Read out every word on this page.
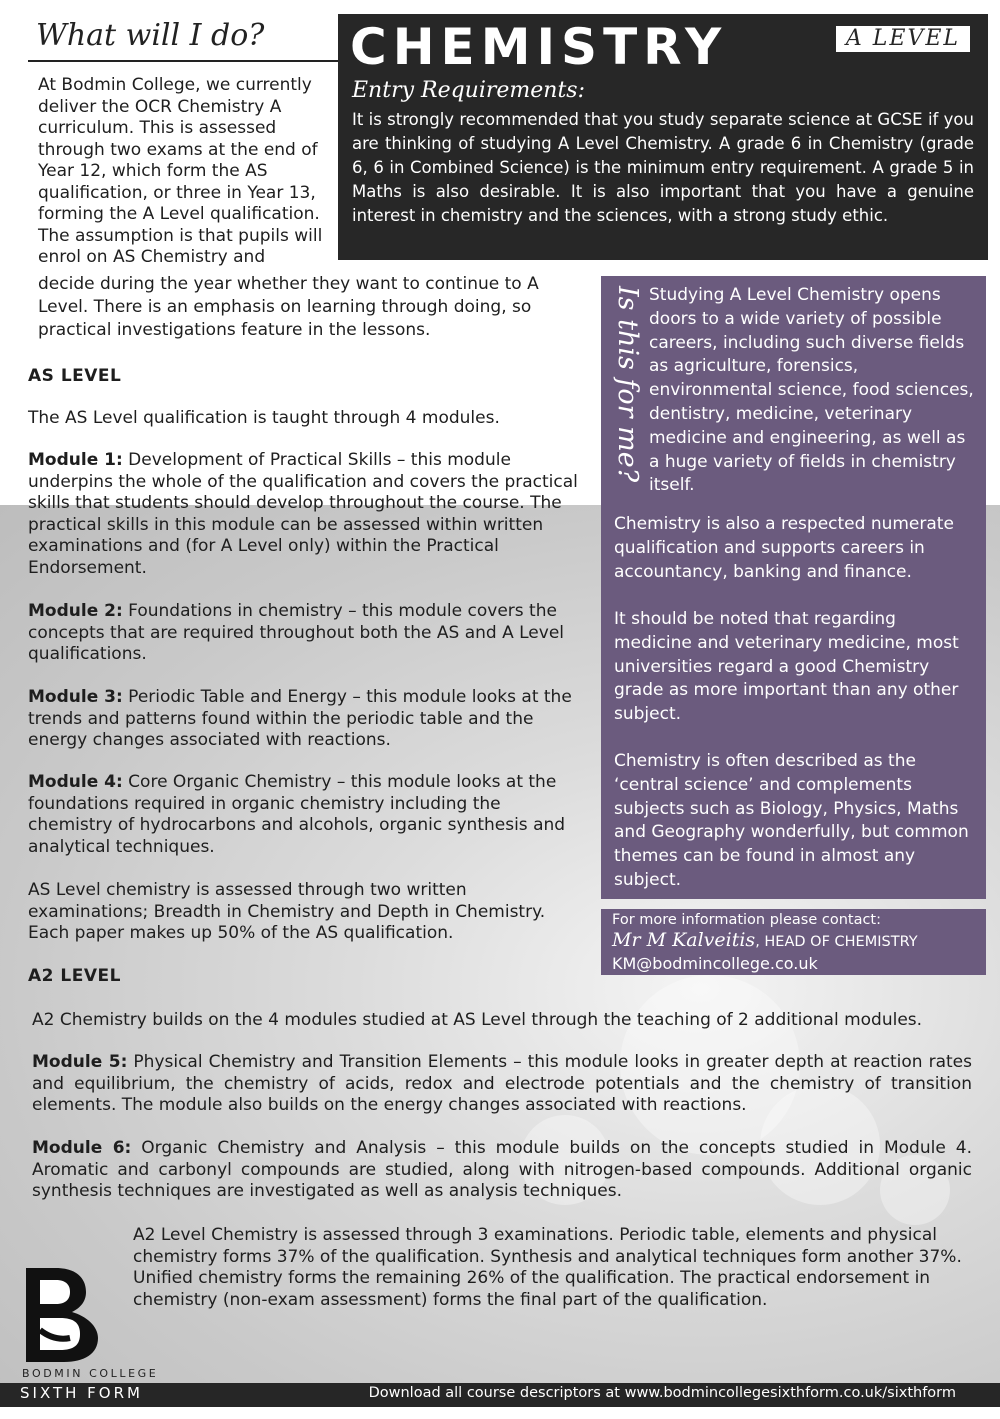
What will I do? CHEMISTRY	A LEVEL
Entry Requirements:
It is strongly recommended that you study separate science at GCSE if you are thinking of studying A Level Chemistry. A grade 6 in Chemistry (grade 6, 6 in Combined Science) is the minimum entry requirement. A grade 5 in Maths is also desirable. It is also important that you have a genuine interest in chemistry and the sciences, with a strong study ethic.
At Bodmin College, we currently deliver the OCR Chemistry A curriculum. This is assessed through two exams at the end of Year 12, which form the AS qualification, or three in Year 13, forming the A Level qualification. The assumption is that pupils will enrol on AS Chemistry and
decide during the year whether they want to continue to A Level. There is an emphasis on learning through doing, so practical investigations feature in the lessons.
AS LEVEL
The AS Level qualification is taught through 4 modules.
Module 1: Development of Practical Skills – this module underpins the whole of the qualification and covers the practical skills that students should develop throughout the course. The practical skills in this module can be assessed within written examinations and (for A Level only) within the Practical Endorsement.
Module 2: Foundations in chemistry – this module covers the concepts that are required throughout both the AS and A Level qualifications.
Module 3: Periodic Table and Energy – this module looks at the trends and patterns found within the periodic table and the energy changes associated with reactions.
Module 4: Core Organic Chemistry – this module looks at the foundations required in organic chemistry including the chemistry of hydrocarbons and alcohols, organic synthesis and analytical techniques.
AS Level chemistry is assessed through two written examinations; Breadth in Chemistry and Depth in Chemistry. Each paper makes up 50% of the AS qualification.
A2 LEVEL
A2 Chemistry builds on the 4 modules studied at AS Level through the teaching of 2 additional modules.
Module 5: Physical Chemistry and Transition Elements – this module looks in greater depth at reaction rates and equilibrium, the chemistry of acids, redox and electrode potentials and the chemistry of transition elements. The module also builds on the energy changes associated with reactions.
Module 6: Organic Chemistry and Analysis – this module builds on the concepts studied in Module 4. Aromatic and carbonyl compounds are studied, along with nitrogen-based compounds. Additional organic synthesis techniques are investigated as well as analysis techniques.
A2 Level Chemistry is assessed through 3 examinations. Periodic table, elements and physical chemistry forms 37% of the qualification. Synthesis and analytical techniques form another 37%. Unified chemistry forms the remaining 26% of the qualification. The practical endorsement in chemistry (non-exam assessment) forms the final part of the qualification.
Is this for me? Studying A Level Chemistry opens doors to a wide variety of possible careers, including such diverse fields as agriculture, forensics, environmental science, food sciences, dentistry, medicine, veterinary medicine and engineering, as well as a huge variety of fields in chemistry itself.
Chemistry is also a respected numerate qualification and supports careers in accountancy, banking and finance.
It should be noted that regarding medicine and veterinary medicine, most universities regard a good Chemistry grade as more important than any other subject.
Chemistry is often described as the ‘central science’ and complements subjects such as Biology, Physics, Maths and Geography wonderfully, but common themes can be found in almost any subject.
For more information please contact:
Mr M Kalveitis, HEAD OF CHEMISTRY
KM@bodmincollege.co.uk
BODMIN COLLEGE
SIXTH FORM	Download all course descriptors at www.bodmincollegesixthform.co.uk/sixthform
